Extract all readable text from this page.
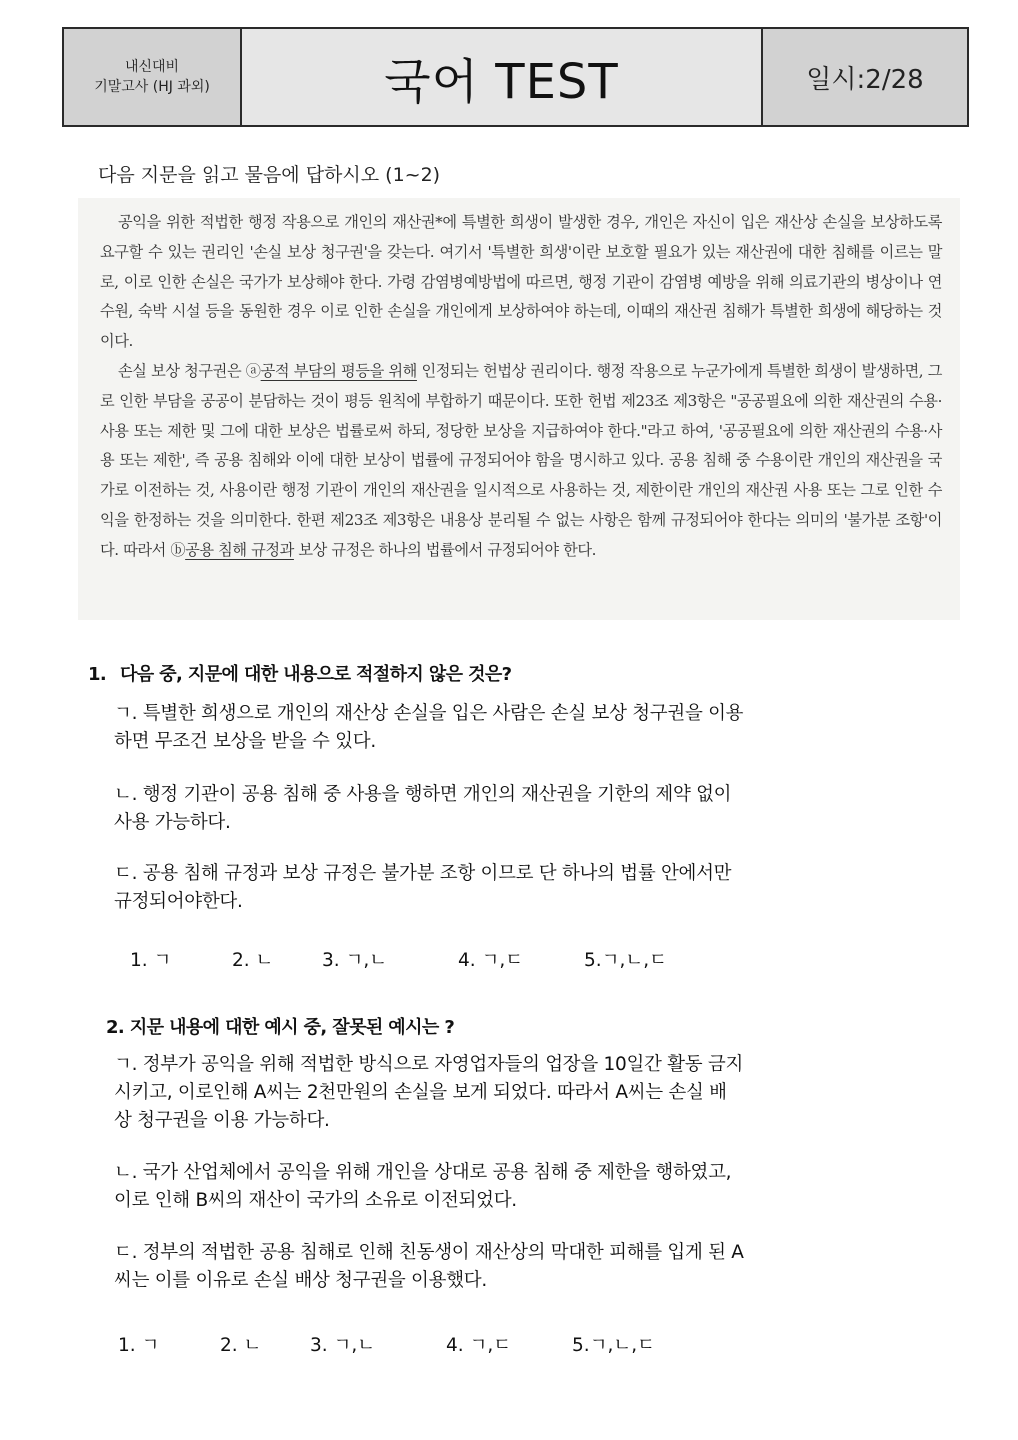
내신대비
기말고사 (HJ 과외)	국어 TEST	일시:2/28
다음 지문을 읽고 물음에 답하시오 (1~2)

공익을 위한 적법한 행정 작용으로 개인의 재산권*에 특별한 희생이 발생한 경우, 개인은 자신이 입은 재산상 손실을 보상하도록 요구할 수 있는 권리인 '손실 보상 청구권'을 갖는다. 여기서 '특별한 희생'이란 보호할 필요가 있는 재산권에 대한 침해를 이르는 말로, 이로 인한 손실은 국가가 보상해야 한다. 가령 감염병예방법에 따르면, 행정 기관이 감염병 예방을 위해 의료기관의 병상이나 연수원, 숙박 시설 등을 동원한 경우 이로 인한 손실을 개인에게 보상하여야 하는데, 이때의 재산권 침해가 특별한 희생에 해당하는 것이다.

손실 보상 청구권은 ⓐ공적 부담의 평등을 위해 인정되는 헌법상 권리이다. 행정 작용으로 누군가에게 특별한 희생이 발생하면, 그로 인한 부담을 공공이 분담하는 것이 평등 원칙에 부합하기 때문이다. 또한 헌법 제23조 제3항은 "공공필요에 의한 재산권의 수용·사용 또는 제한 및 그에 대한 보상은 법률로써 하되, 정당한 보상을 지급하여야 한다."라고 하여, '공공필요에 의한 재산권의 수용·사용 또는 제한', 즉 공용 침해와 이에 대한 보상이 법률에 규정되어야 함을 명시하고 있다. 공용 침해 중 수용이란 개인의 재산권을 국가로 이전하는 것, 사용이란 행정 기관이 개인의 재산권을 일시적으로 사용하는 것, 제한이란 개인의 재산권 사용 또는 그로 인한 수익을 한정하는 것을 의미한다. 한편 제23조 제3항은 내용상 분리될 수 없는 사항은 함께 규정되어야 한다는 의미의 '불가분 조항'이다. 따라서 ⓑ공용 침해 규정과 보상 규정은 하나의 법률에서 규정되어야 한다.

1. 다음 중, 지문에 대한 내용으로 적절하지 않은 것은?
ㄱ. 특별한 희생으로 개인의 재산상 손실을 입은 사람은 손실 보상 청구권을 이용하면 무조건 보상을 받을 수 있다.
ㄴ. 행정 기관이 공용 침해 중 사용을 행하면 개인의 재산권을 기한의 제약 없이 사용 가능하다.
ㄷ. 공용 침해 규정과 보상 규정은 불가분 조항 이므로 단 하나의 법률 안에서만 규정되어야한다.
1. ㄱ	2. ㄴ	3. ㄱ,ㄴ	4. ㄱ,ㄷ	5.ㄱ,ㄴ,ㄷ
2. 지문 내용에 대한 예시 중, 잘못된 예시는 ?
ㄱ. 정부가 공익을 위해 적법한 방식으로 자영업자들의 업장을 10일간 활동 금지시키고, 이로인해 A씨는 2천만원의 손실을 보게 되었다. 따라서 A씨는 손실 배상 청구권을 이용 가능하다.
ㄴ. 국가 산업체에서 공익을 위해 개인을 상대로 공용 침해 중 제한을 행하였고, 이로 인해 B씨의 재산이 국가의 소유로 이전되었다.
ㄷ. 정부의 적법한 공용 침해로 인해 친동생이 재산상의 막대한 피해를 입게 된 A씨는 이를 이유로 손실 배상 청구권을 이용했다.
1. ㄱ	2. ㄴ	3. ㄱ,ㄴ	4. ㄱ,ㄷ	5.ㄱ,ㄴ,ㄷ
